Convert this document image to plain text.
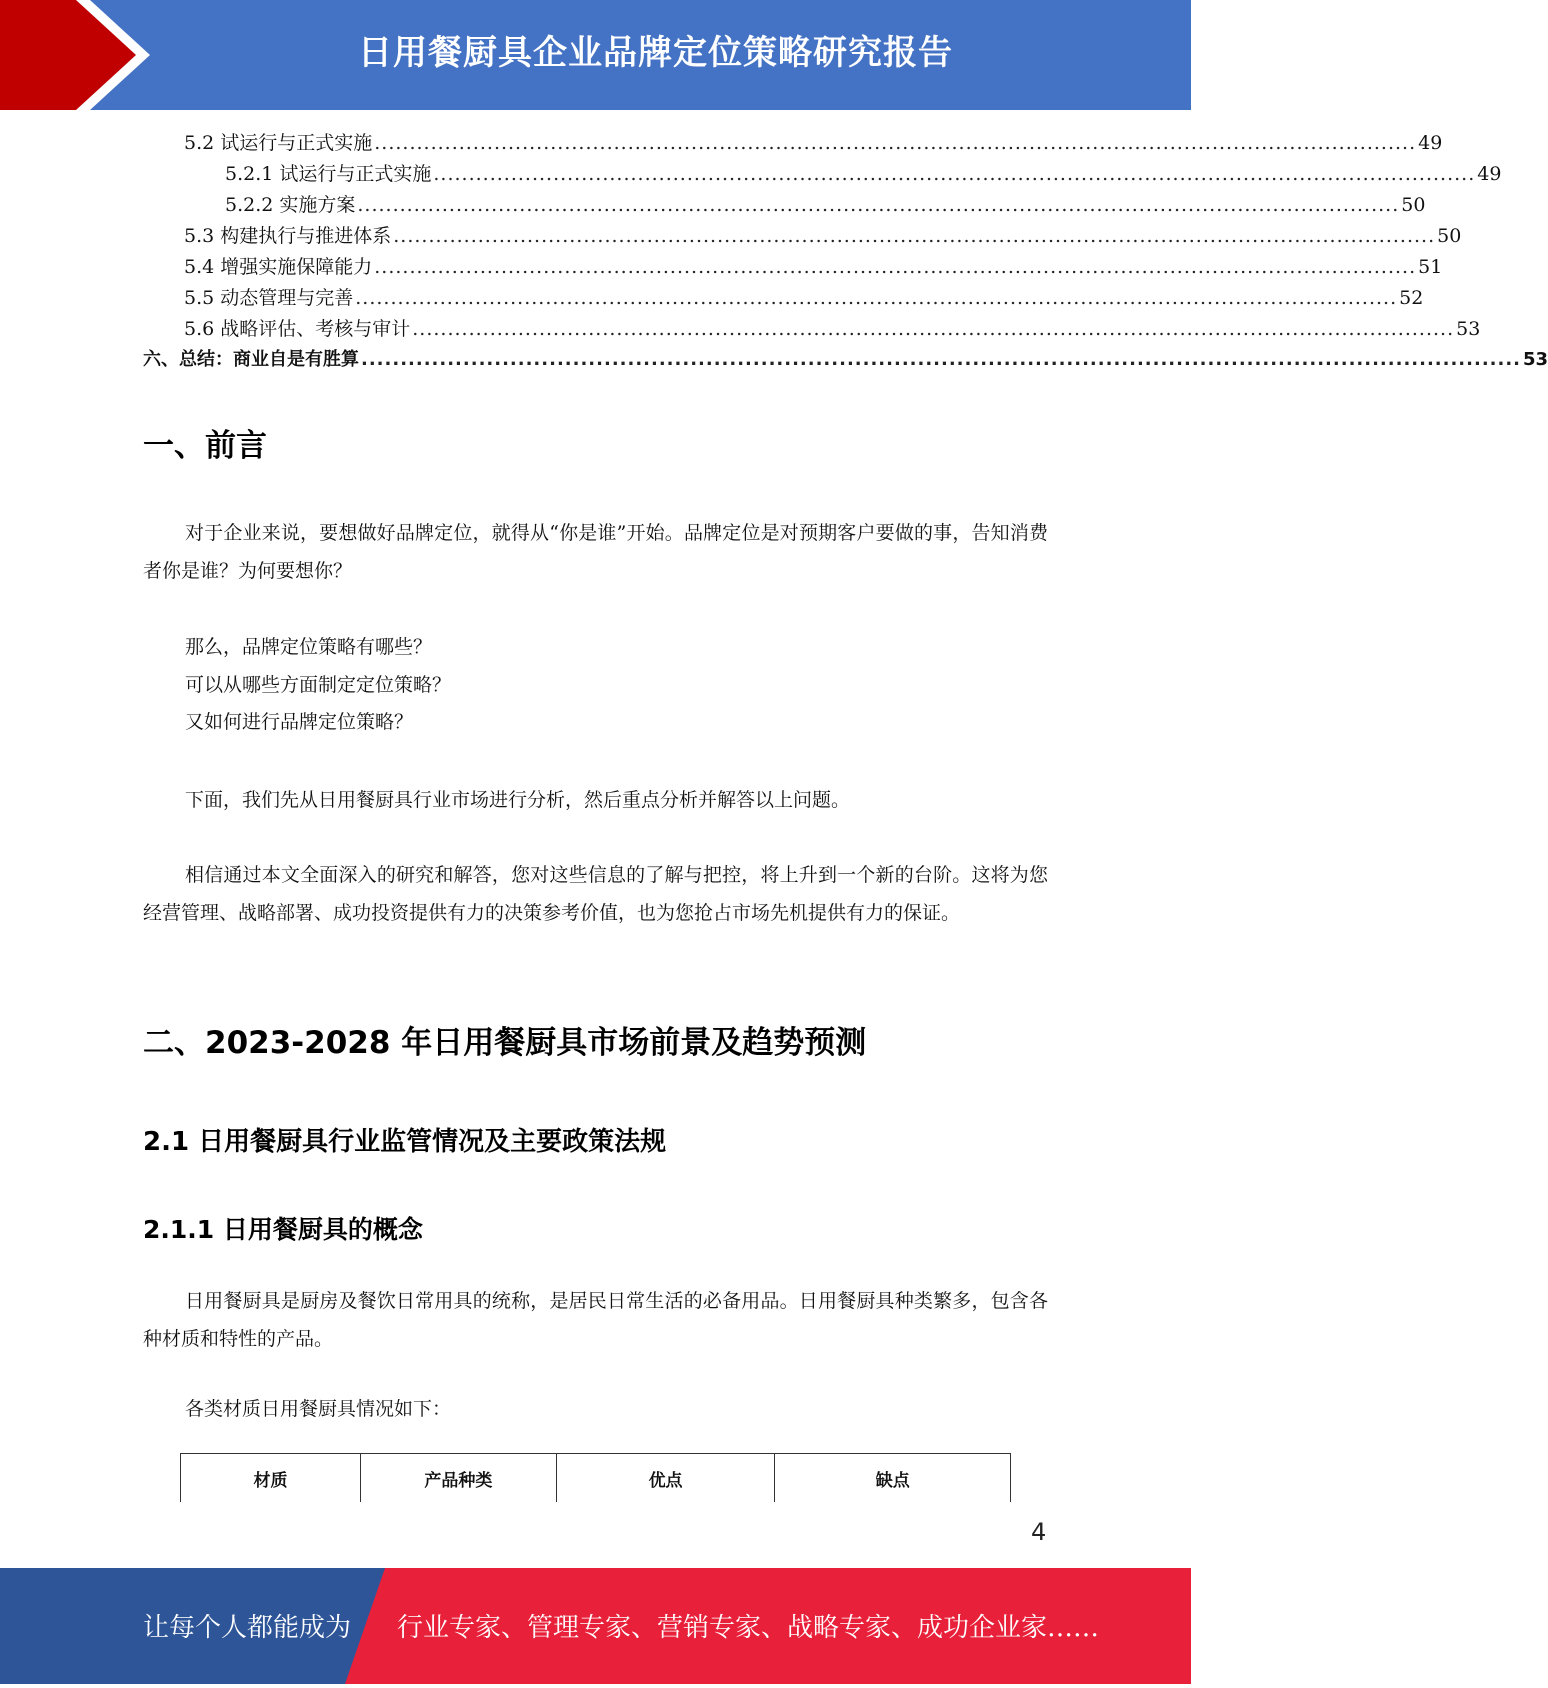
日用餐厨具企业品牌定位策略研究报告
5.2 试运行与正式实施 .................................................................................................................................................... 49
5.2.1 试运行与正式实施 .................................................................................................................................................... 49
5.2.2 实施方案 .................................................................................................................................................... 50
5.3 构建执行与推进体系 .................................................................................................................................................... 50
5.4 增强实施保障能力 .................................................................................................................................................... 51
5.5 动态管理与完善 .................................................................................................................................................... 52
5.6 战略评估、考核与审计 .................................................................................................................................................... 53
六、总结：商业自是有胜算 .................................................................................................................................................... 53
一、前言

对于企业来说，要想做好品牌定位，就得从“你是谁”开始。品牌定位是对预期客户要做的事，告知消费者你是谁？为何要想你？

那么，品牌定位策略有哪些？

可以从哪些方面制定定位策略？

又如何进行品牌定位策略？

下面，我们先从日用餐厨具行业市场进行分析，然后重点分析并解答以上问题。

相信通过本文全面深入的研究和解答，您对这些信息的了解与把控，将上升到一个新的台阶。这将为您经营管理、战略部署、成功投资提供有力的决策参考价值，也为您抢占市场先机提供有力的保证。

二、2023-2028 年日用餐厨具市场前景及趋势预测
2.1 日用餐厨具行业监管情况及主要政策法规
2.1.1 日用餐厨具的概念

日用餐厨具是厨房及餐饮日常用具的统称，是居民日常生活的必备用品。日用餐厨具种类繁多，包含各种材质和特性的产品。

各类材质日用餐厨具情况如下：

材质	产品种类	优点	缺点
4
让每个人都能成为 行业专家、管理专家、营销专家、战略专家、成功企业家……
